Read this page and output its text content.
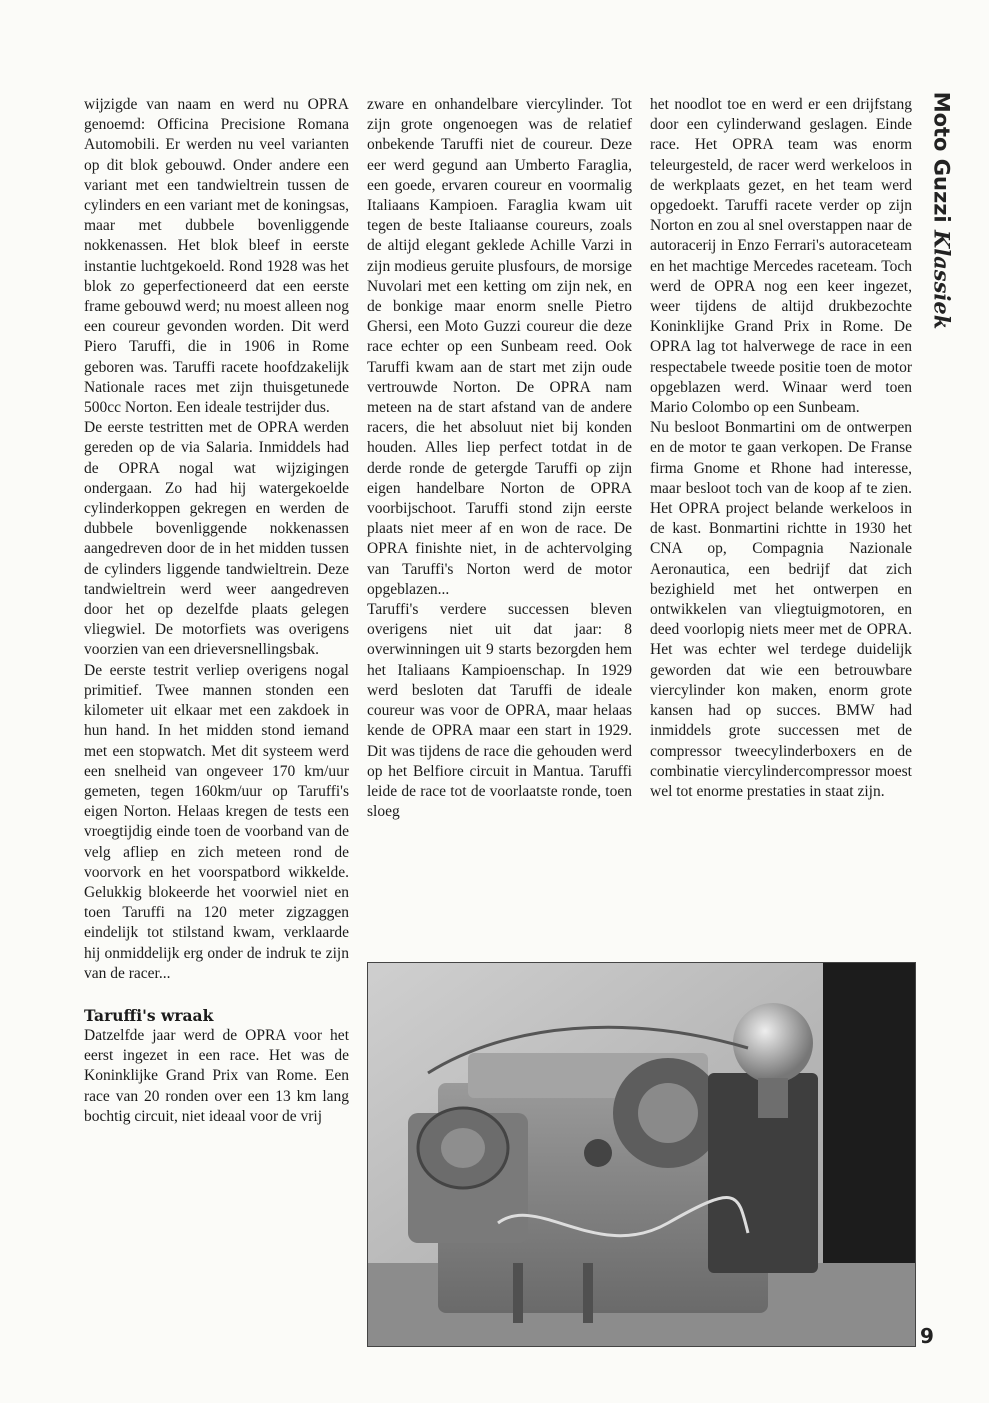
wijzigde van naam en werd nu OPRA genoemd: Officina Precisione Romana Automobili. Er werden nu veel varianten op dit blok gebouwd. Onder andere een variant met een tandwieltrein tussen de cylinders en een variant met de koningsas, maar met dubbele bovenliggende nokkenassen. Het blok bleef in eerste instantie luchtgekoeld. Rond 1928 was het blok zo geperfectioneerd dat een eerste frame gebouwd werd; nu moest alleen nog een coureur gevonden worden. Dit werd Piero Taruffi, die in 1906 in Rome geboren was. Taruffi racete hoofdzakelijk Nationale races met zijn thuisgetunede 500cc Norton. Een ideale testrijder dus.

De eerste testritten met de OPRA werden gereden op de via Salaria. Inmiddels had de OPRA nogal wat wijzigingen ondergaan. Zo had hij watergekoelde cylinderkoppen gekregen en werden de dubbele bovenliggende nokkenassen aangedreven door de in het midden tussen de cylinders liggende tandwieltrein. Deze tandwieltrein werd weer aangedreven door het op dezelfde plaats gelegen vliegwiel. De motorfiets was overigens voorzien van een drieversnellingsbak.

De eerste testrit verliep overigens nogal primitief. Twee mannen stonden een kilometer uit elkaar met een zakdoek in hun hand. In het midden stond iemand met een stopwatch. Met dit systeem werd een snelheid van ongeveer 170 km/uur gemeten, tegen 160km/uur op Taruffi's eigen Norton. Helaas kregen de tests een vroegtijdig einde toen de voorband van de velg afliep en zich meteen rond de voorvork en het voorspatbord wikkelde. Gelukkig blokeerde het voorwiel niet en toen Taruffi na 120 meter zigzaggen eindelijk tot stilstand kwam, verklaarde hij onmiddelijk erg onder de indruk te zijn van de racer...

Taruffi's wraak

Datzelfde jaar werd de OPRA voor het eerst ingezet in een race. Het was de Koninklijke Grand Prix van Rome. Een race van 20 ronden over een 13 km lang bochtig circuit, niet ideaal voor de vrij

zware en onhandelbare viercylinder. Tot zijn grote ongenoegen was de relatief onbekende Taruffi niet de coureur. Deze eer werd gegund aan Umberto Faraglia, een goede, ervaren coureur en voormalig Italiaans Kampioen. Faraglia kwam uit tegen de beste Italiaanse coureurs, zoals de altijd elegant geklede Achille Varzi in zijn modieus geruite plusfours, de morsige Nuvolari met een ketting om zijn nek, en de bonkige maar enorm snelle Pietro Ghersi, een Moto Guzzi coureur die deze race echter op een Sunbeam reed. Ook Taruffi kwam aan de start met zijn oude vertrouwde Norton. De OPRA nam meteen na de start afstand van de andere racers, die het absoluut niet bij konden houden. Alles liep perfect totdat in de derde ronde de getergde Taruffi op zijn eigen handelbare Norton de OPRA voorbijschoot. Taruffi stond zijn eerste plaats niet meer af en won de race. De OPRA finishte niet, in de achtervolging van Taruffi's Norton werd de motor opgeblazen...

Taruffi's verdere successen bleven overigens niet uit dat jaar: 8 overwinningen uit 9 starts bezorgden hem het Italiaans Kampioenschap. In 1929 werd besloten dat Taruffi de ideale coureur was voor de OPRA, maar helaas kende de OPRA maar een start in 1929. Dit was tijdens de race die gehouden werd op het Belfiore circuit in Mantua. Taruffi leide de race tot de voorlaatste ronde, toen sloeg

het noodlot toe en werd er een drijfstang door een cylinderwand geslagen. Einde race. Het OPRA team was enorm teleurgesteld, de racer werd werkeloos in de werkplaats gezet, en het team werd opgedoekt. Taruffi racete verder op zijn Norton en zou al snel overstappen naar de autoracerij in Enzo Ferrari's autoraceteam en het machtige Mercedes raceteam. Toch werd de OPRA nog een keer ingezet, weer tijdens de altijd drukbezochte Koninklijke Grand Prix in Rome. De OPRA lag tot halverwege de race in een respectabele tweede positie toen de motor opgeblazen werd. Winaar werd toen Mario Colombo op een Sunbeam.

Nu besloot Bonmartini om de ontwerpen en de motor te gaan verkopen. De Franse firma Gnome et Rhone had interesse, maar besloot toch van de koop af te zien. Het OPRA project belande werkeloos in de kast. Bonmartini richtte in 1930 het CNA op, Compagnia Nazionale Aeronautica, een bedrijf dat zich bezighield met het ontwerpen en ontwikkelen van vliegtuigmotoren, en deed voorlopig niets meer met de OPRA. Het was echter wel terdege duidelijk geworden dat wie een betrouwbare viercylinder kon maken, enorm grote kansen had op succes. BMW had inmiddels grote successen met de compressor tweecylinderboxers en de combinatie viercylindercompressor moest wel tot enorme prestaties in staat zijn.

Moto Guzzi Klassiek
9
